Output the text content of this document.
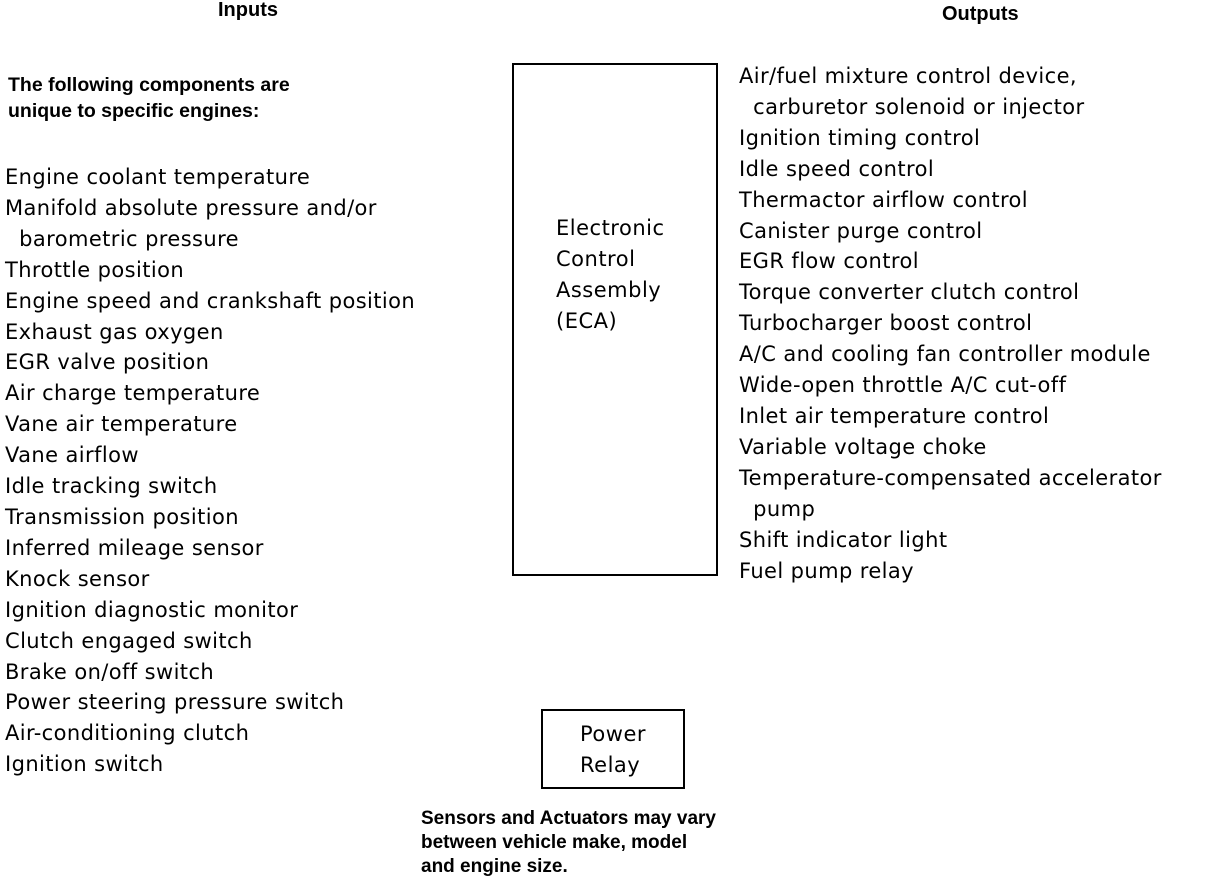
Inputs	Outputs
The following components are
unique to specific engines:
Engine coolant temperature
Manifold absolute pressure and/or
barometric pressure
Throttle position
Engine speed and crankshaft position
Exhaust gas oxygen
EGR valve position
Air charge temperature
Vane air temperature
Vane airflow
Idle tracking switch
Transmission position
Inferred mileage sensor
Knock sensor
Ignition diagnostic monitor
Clutch engaged switch
Brake on/off switch
Power steering pressure switch
Air-conditioning clutch
Ignition switch
Electronic
Control
Assembly
(ECA)
Air/fuel mixture control device,
carburetor solenoid or injector
Ignition timing control
Idle speed control
Thermactor airflow control
Canister purge control
EGR flow control
Torque converter clutch control
Turbocharger boost control
A/C and cooling fan controller module
Wide-open throttle A/C cut-off
Inlet air temperature control
Variable voltage choke
Temperature-compensated accelerator
pump
Shift indicator light
Fuel pump relay
Power
Relay
Sensors and Actuators may vary
between vehicle make, model
and engine size.
